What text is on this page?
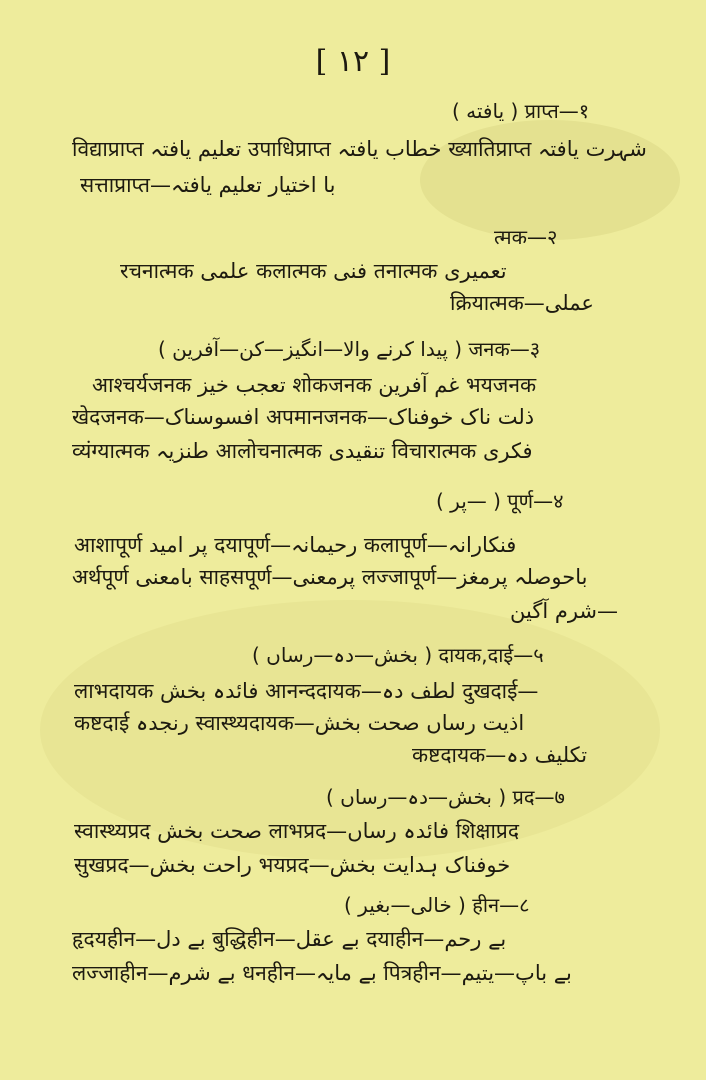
[ ١٢ ]
( یافته ) प्राप्त—१
विद्याप्राप्त تعلیم یافتہ उपाधिप्राप्त خطاب یافتہ ख्यातिप्राप्त شہرت یافتہ
सत्ताप्राप्त—با اختیار تعلیم یافتہ
त्मक—२
रचनात्मक علمی कलात्मक فنی तनात्मक تعمیری
क्रियात्मक—عملی
( پیدا کرنے والا—انگیز—کن—آفرین ) जनक—३
आश्चर्यजनक تعجب خیز शोकजनक غم آفرین भयजनक
खेदजनक—افسوسناک अपमानजनक—ذلت ناک خوفناک
व्यंग्यात्मक طنزیہ आलोचनात्मक تنقیدی विचारात्मक فکری
( پر— ) पूर्ण—४
आशापूर्ण پر امید दयापूर्ण—رحیمانہ कलापूर्ण—فنکارانہ
अर्थपूर्ण بامعنی साहसपूर्ण—پرمعنی लज्जापूर्ण—باحوصلہ پرمغز
شرم آگین—
( بخش—دہ—رساں ) दायक,दाई—५
लाभदायक فائدہ بخش आनन्ददायक—لطف دہ दुखदाई—
कष्टदाई رنجدہ स्वास्थ्यदायक—اذیت رساں صحت بخش
कष्टदायक—تکلیف دہ
( بخش—دہ—رساں ) प्रद—७
स्वास्थ्यप्रद صحت بخش लाभप्रद—فائدہ رساں शिक्षाप्रद
सुखप्रद—راحت بخش भयप्रद—خوفناک ہدایت بخش
( خالی—بغیر ) हीन—८
हृदयहीन—بے دل बुद्धिहीन—بے عقل दयाहीन—بے رحم
लज्जाहीन—بے شرم धनहीन—بے مایہ पित्रहीन—بے باپ—یتیم
